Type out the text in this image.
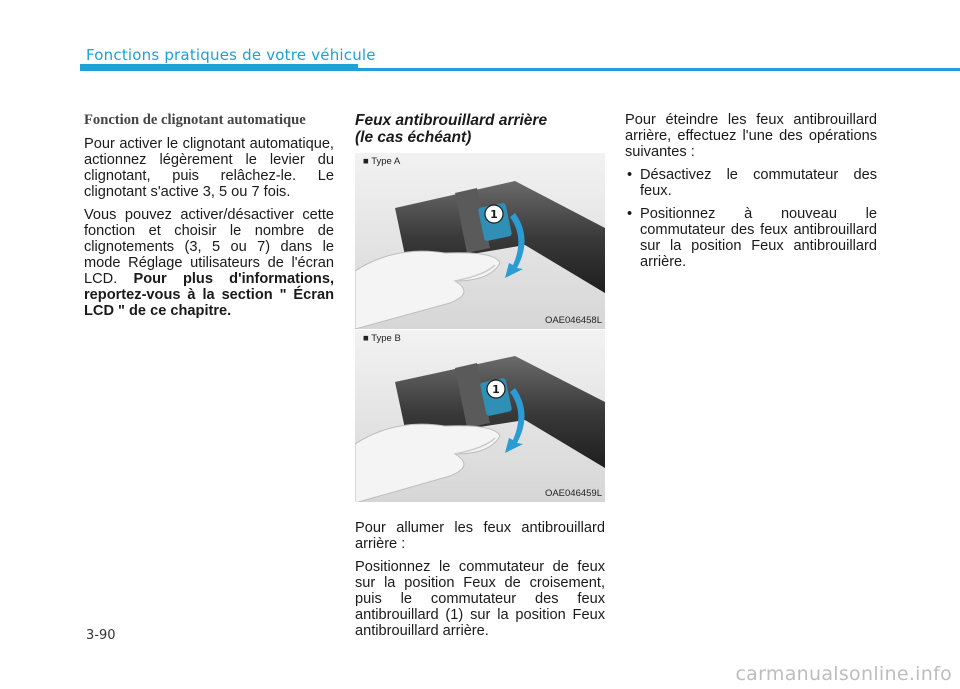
Fonctions pratiques de votre véhicule
Fonction de clignotant automatique

Pour activer le clignotant automatique, actionnez légèrement le levier du clignotant, puis relâchez-le. Le clignotant s'active 3, 5 ou 7 fois.

Vous pouvez activer/désactiver cette fonction et choisir le nombre de clignotements (3, 5 ou 7) dans le mode Réglage utilisateurs de l'écran LCD. Pour plus d'informations, reportez-vous à la section " Écran LCD " de ce chapitre.

Feux antibrouillard arrière
(le cas échéant)
1
■ Type A
OAE046458L
1
■ Type B
OAE046459L

Pour allumer les feux antibrouillard arrière :

Positionnez le commutateur de feux sur la position Feux de croisement, puis le commutateur des feux antibrouillard (1) sur la position Feux antibrouillard arrière.

Pour éteindre les feux antibrouillard arrière, effectuez l'une des opérations suivantes :

• Désactivez le commutateur des feux.
• Positionnez à nouveau le commutateur des feux antibrouillard sur la position Feux antibrouillard arrière.
3-90
carmanualsonline.info
